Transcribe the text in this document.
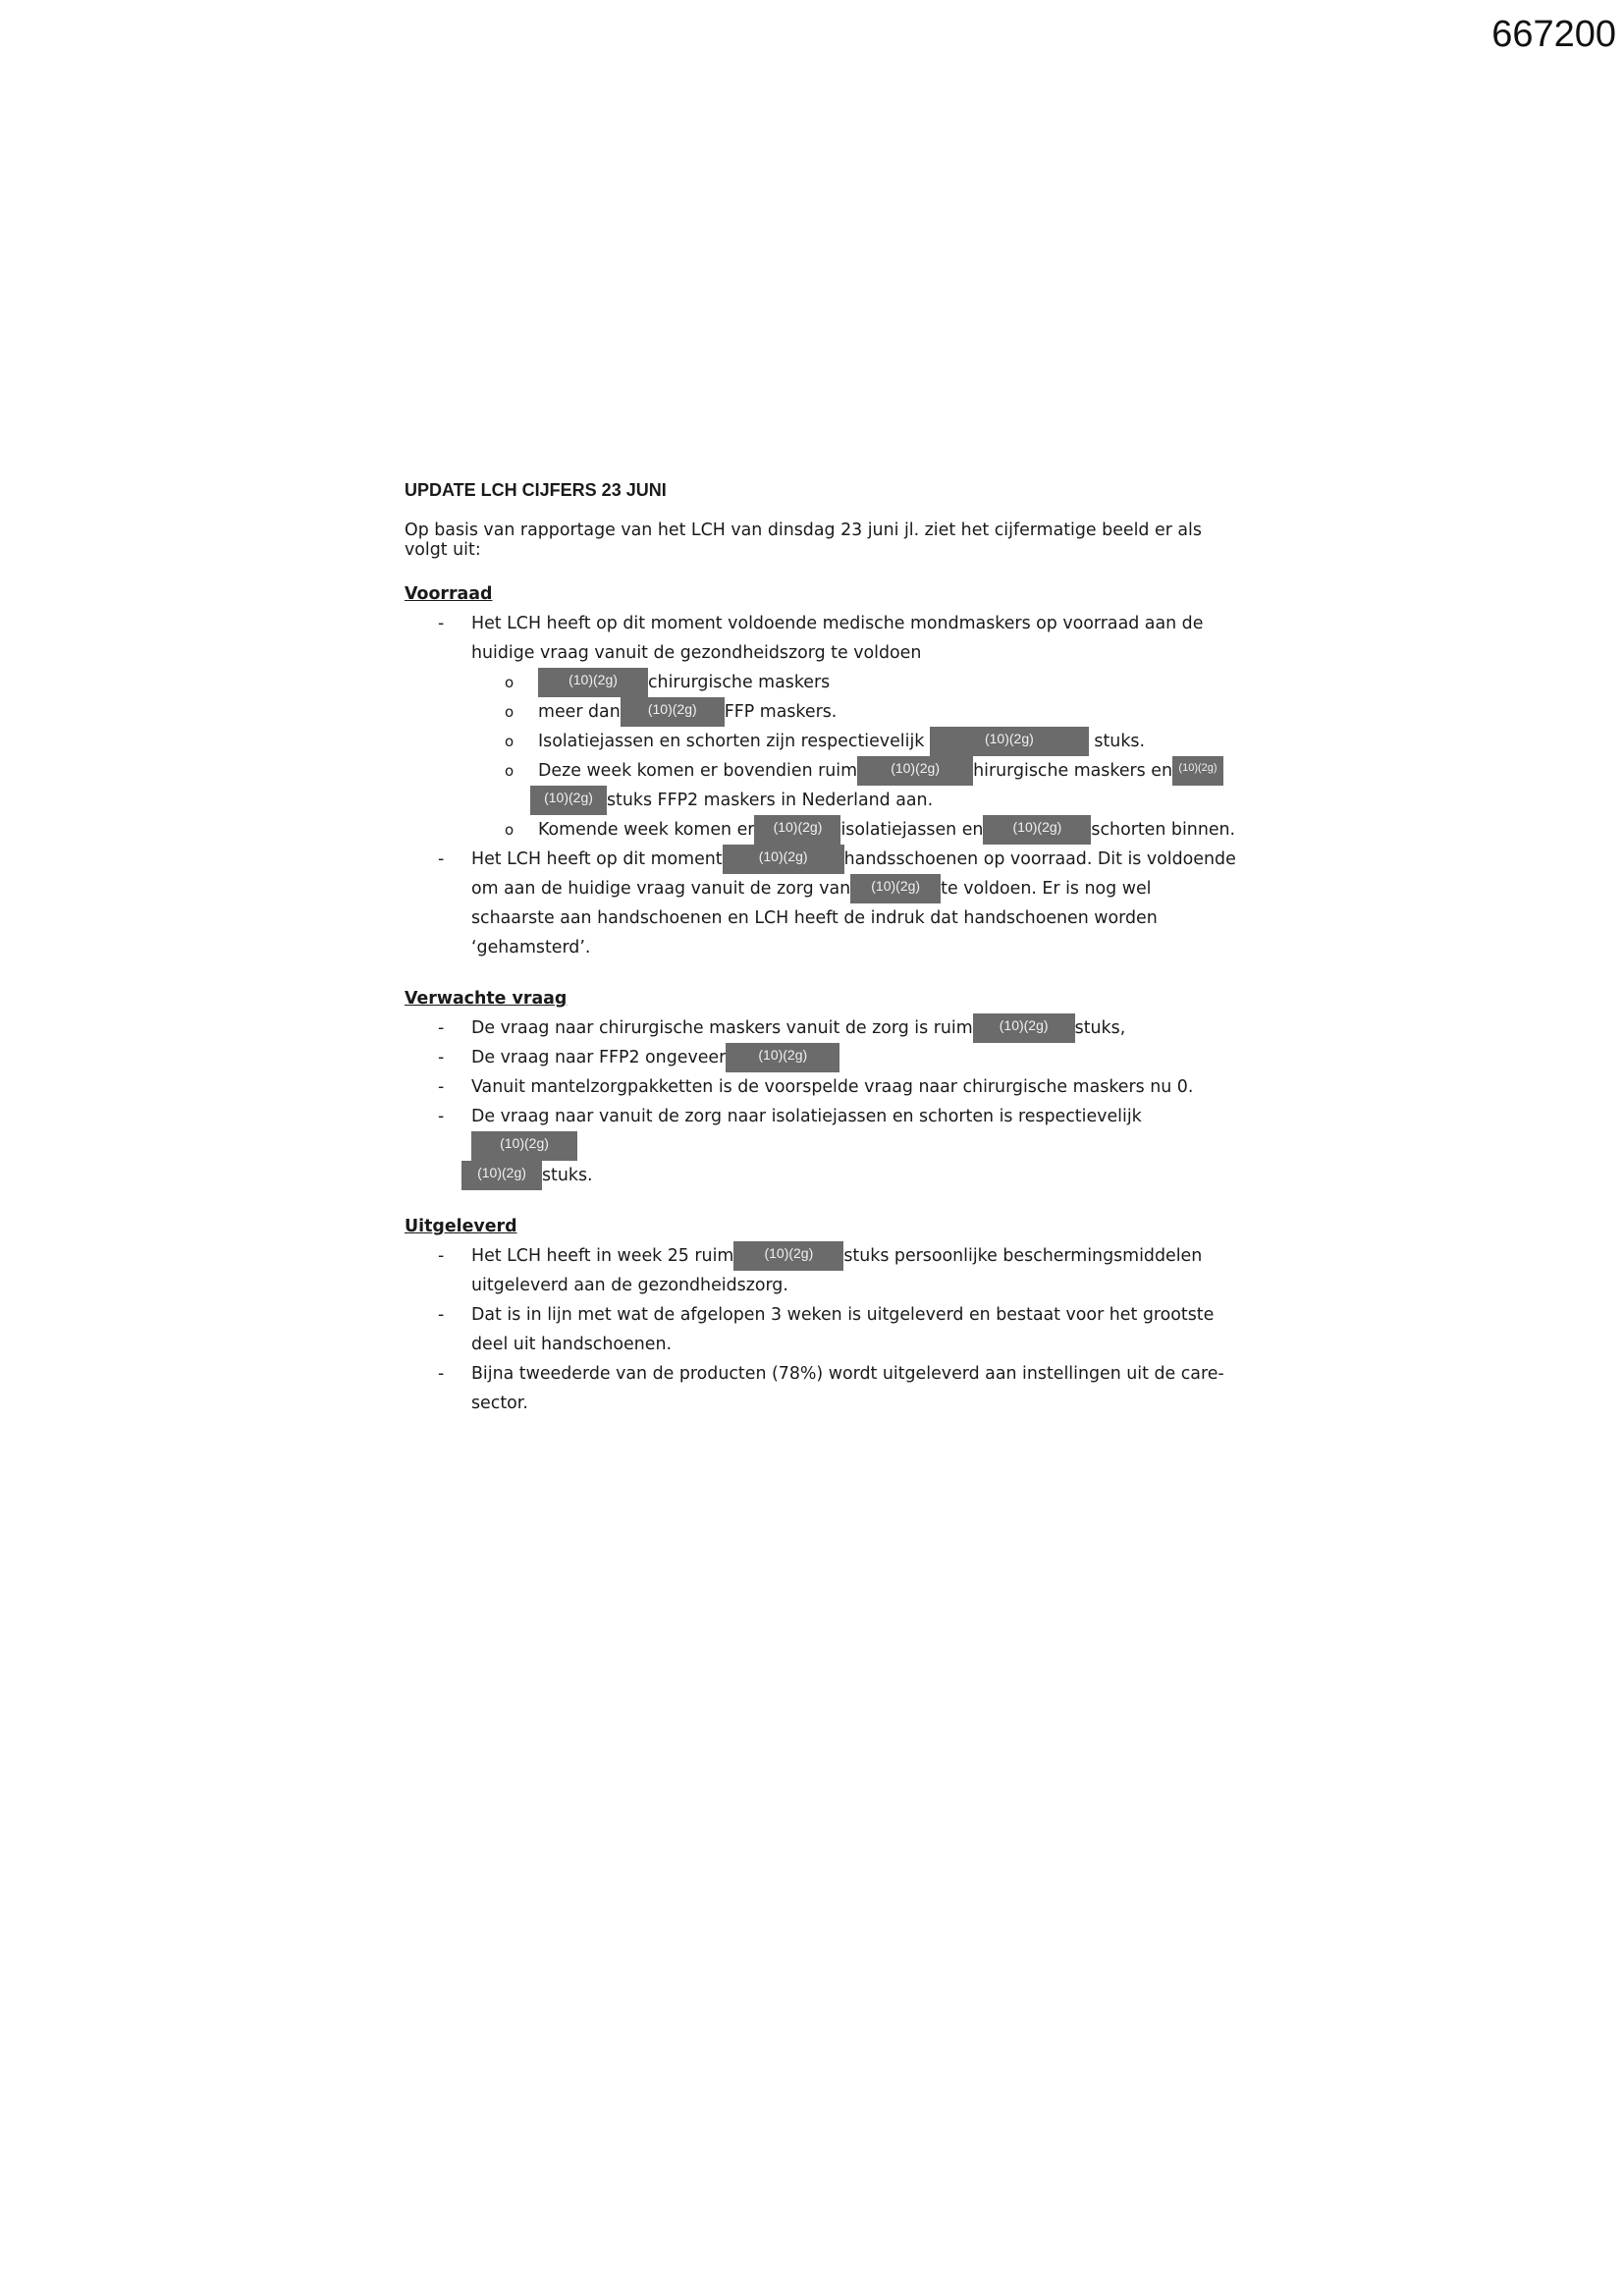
667200

UPDATE LCH CIJFERS 23 JUNI

Op basis van rapportage van het LCH van dinsdag 23 juni jl. ziet het cijfermatige beeld er als volgt uit:

Voorraad

- Het LCH heeft op dit moment voldoende medische mondmaskers op voorraad aan de huidige vraag vanuit de gezondheidszorg te voldoen
o (10)(2g) chirurgische maskers
o meer dan (10)(2g) FFP maskers.
o Isolatiejassen en schorten zijn respectievelijk	(10)(2g)	stuks.
o Deze week komen er bovendien ruim (10)(2g) hirurgische maskers en (10)(2g)
(10)(2g) stuks FFP2 maskers in Nederland aan.
o Komende week komen er (10)(2g) isolatiejassen en (10)(2g) schorten binnen.
- Het LCH heeft op dit moment	(10)(2g) handsschoenen op voorraad. Dit is voldoende om aan de huidige vraag vanuit de zorg van (10)(2g) te voldoen. Er is nog wel schaarste aan handschoenen en LCH heeft de indruk dat handschoenen worden ‘gehamsterd’.

Verwachte vraag

- De vraag naar chirurgische maskers vanuit de zorg is ruim (10)(2g) stuks,
- De vraag naar FFP2 ongeveer (10)(2g)
- Vanuit mantelzorgpakketten is de voorspelde vraag naar chirurgische maskers nu 0.
- De vraag naar vanuit de zorg naar isolatiejassen en schorten is respectievelijk(10)(2g)
(10)(2g) stuks.

Uitgeleverd

- Het LCH heeft in week 25 ruim (10)(2g) stuks persoonlijke beschermingsmiddelen uitgeleverd aan de gezondheidszorg.
- Dat is in lijn met wat de afgelopen 3 weken is uitgeleverd en bestaat voor het grootste deel uit handschoenen.
- Bijna tweederde van de producten (78%) wordt uitgeleverd aan instellingen uit de care-sector.
